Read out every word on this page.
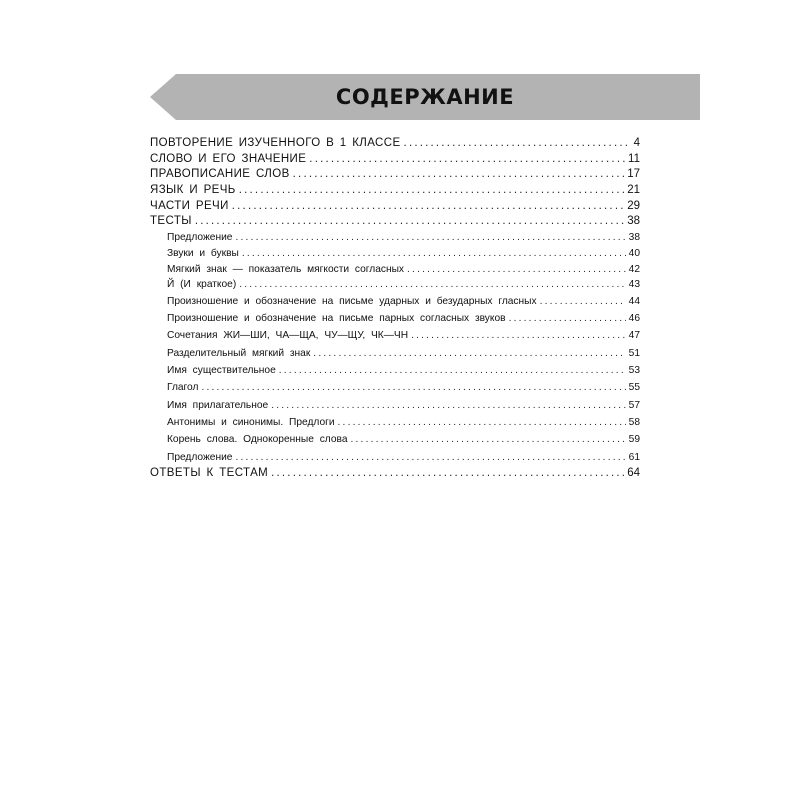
СОДЕРЖАНИЕ
ПОВТОРЕНИЕ ИЗУЧЕННОГО В 1 КЛАССЕ .....	4
СЛОВО И ЕГО ЗНАЧЕНИЕ .....	11
ПРАВОПИСАНИЕ СЛОВ .....	17
ЯЗЫК И РЕЧЬ .....	21
ЧАСТИ РЕЧИ .....	29
ТЕСТЫ .....	38
Предложение .....	38
Звуки и буквы .....	40
Мягкий знак — показатель мягкости согласных .....	42
Й (И краткое) .....	43
Произношение и обозначение на письме ударных и безударных гласных .....	44
Произношение и обозначение на письме парных согласных звуков .....	46
Сочетания ЖИ—ШИ, ЧА—ЩА, ЧУ—ЩУ, ЧК—ЧН .....	47
Разделительный мягкий знак .....	51
Имя существительное .....	53
Глагол .....	55
Имя прилагательное .....	57
Антонимы и синонимы. Предлоги .....	58
Корень слова. Однокоренные слова .....	59
Предложение .....	61
ОТВЕТЫ К ТЕСТАМ .....	64
